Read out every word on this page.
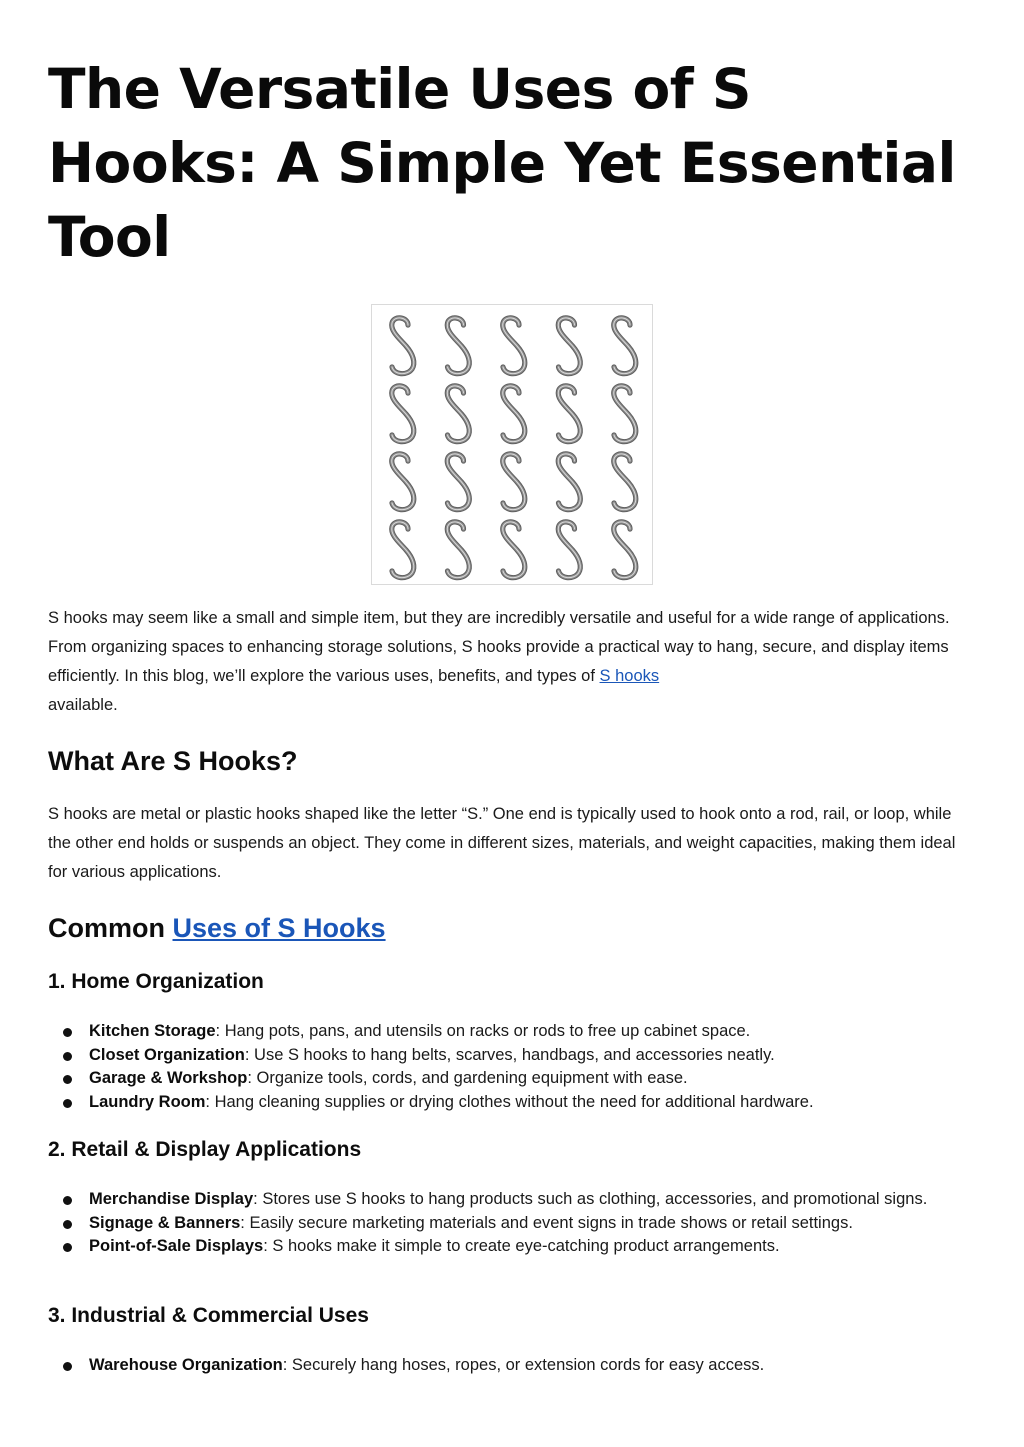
The Versatile Uses of S Hooks: A Simple Yet Essential Tool

S hooks may seem like a small and simple item, but they are incredibly versatile and useful for a wide range of applications. From organizing spaces to enhancing storage solutions, S hooks provide a practical way to hang, secure, and display items efficiently. In this blog, we’ll explore the various uses, benefits, and types of S hooks
available.

What Are S Hooks?

S hooks are metal or plastic hooks shaped like the letter “S.” One end is typically used to hook onto a rod, rail, or loop, while the other end holds or suspends an object. They come in different sizes, materials, and weight capacities, making them ideal for various applications.

Common Uses of S Hooks
1. Home Organization
Kitchen Storage: Hang pots, pans, and utensils on racks or rods to free up cabinet space.
Closet Organization: Use S hooks to hang belts, scarves, handbags, and accessories neatly.
Garage & Workshop: Organize tools, cords, and gardening equipment with ease.
Laundry Room: Hang cleaning supplies or drying clothes without the need for additional hardware.
2. Retail & Display Applications
Merchandise Display: Stores use S hooks to hang products such as clothing, accessories, and promotional signs.
Signage & Banners: Easily secure marketing materials and event signs in trade shows or retail settings.
Point-of-Sale Displays: S hooks make it simple to create eye-catching product arrangements.
3. Industrial & Commercial Uses
Warehouse Organization: Securely hang hoses, ropes, or extension cords for easy access.
